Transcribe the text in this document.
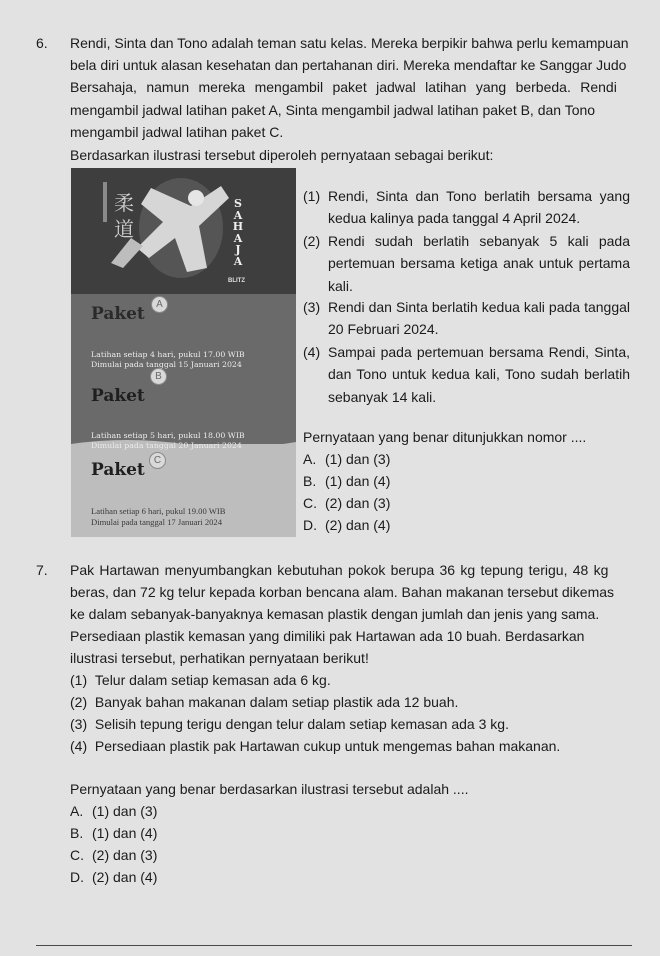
6. Rendi, Sinta dan Tono adalah teman satu kelas. Mereka berpikir bahwa perlu kemampuan
bela diri untuk alasan kesehatan dan pertahanan diri. Mereka mendaftar ke Sanggar Judo
Bersahaja, namun mereka mengambil paket jadwal latihan yang berbeda. Rendi
mengambil jadwal latihan paket A, Sinta mengambil jadwal latihan paket B, dan Tono
mengambil jadwal latihan paket C.
Berdasarkan ilustrasi tersebut diperoleh pernyataan sebagai berikut:
柔
道
S
A
H
A
J
A
BLITZ
Paket	A
Latihan setiap 4 hari, pukul 17.00 WIB
Dimulai pada tanggal 15 Januari 2024
Paket
B
Latihan setiap 5 hari, pukul 18.00 WIB
Dimulai pada tanggal 20 Januari 2024
Paket C
Latihan setiap 6 hari, pukul 19.00 WIB
Dimulai pada tanggal 17 Januari 2024
(1) Rendi, Sinta dan Tono berlatih bersama yang kedua kalinya pada tanggal 4 April 2024.
(2) Rendi sudah berlatih sebanyak 5 kali pada pertemuan bersama ketiga anak untuk pertama kali.
(3) Rendi dan Sinta berlatih kedua kali pada tanggal 20 Februari 2024.
(4) Sampai pada pertemuan bersama Rendi, Sinta, dan Tono untuk kedua kali, Tono sudah berlatih sebanyak 14 kali.
Pernyataan yang benar ditunjukkan nomor ....
A. (1) dan (3)
B. (1) dan (4)
C. (2) dan (3)
D. (2) dan (4)
7. Pak Hartawan menyumbangkan kebutuhan pokok berupa 36 kg tepung terigu, 48 kg
beras, dan 72 kg telur kepada korban bencana alam. Bahan makanan tersebut dikemas
ke dalam sebanyak-banyaknya kemasan plastik dengan jumlah dan jenis yang sama.
Persediaan plastik kemasan yang dimiliki pak Hartawan ada 10 buah. Berdasarkan
ilustrasi tersebut, perhatikan pernyataan berikut!
(1) Telur dalam setiap kemasan ada 6 kg.
(2) Banyak bahan makanan dalam setiap plastik ada 12 buah.
(3) Selisih tepung terigu dengan telur dalam setiap kemasan ada 3 kg.
(4) Persediaan plastik pak Hartawan cukup untuk mengemas bahan makanan.
Pernyataan yang benar berdasarkan ilustrasi tersebut adalah ....
A. (1) dan (3)
B. (1) dan (4)
C. (2) dan (3)
D. (2) dan (4)
